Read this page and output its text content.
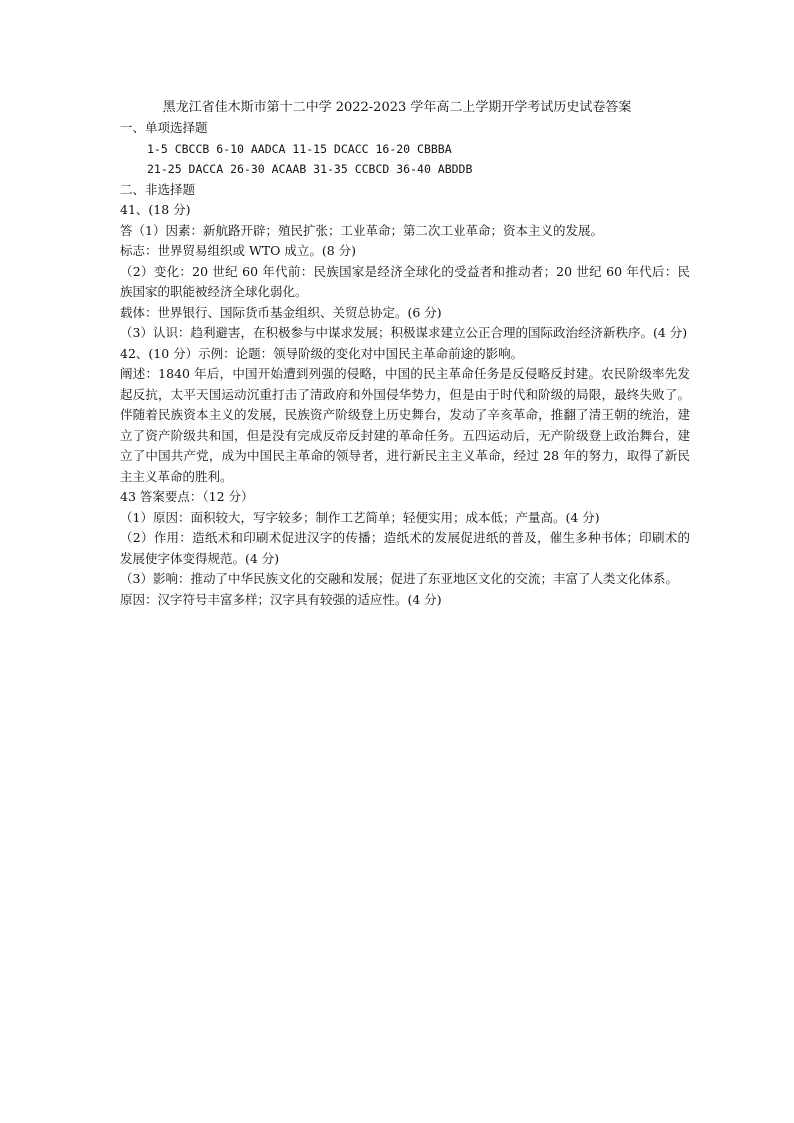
黑龙江省佳木斯市第十二中学 2022-2023 学年高二上学期开学考试历史试卷答案
一、单项选择题
1-5 CBCCB 6-10 AADCA 11-15 DCACC 16-20 CBBBA
21-25 DACCA 26-30 ACAAB 31-35 CCBCD 36-40 ABDDB
二、非选择题
41、(18 分)
答（1）因素：新航路开辟；殖民扩张；工业革命；第二次工业革命；资本主义的发展。
标志：世界贸易组织或 WTO 成立。(8 分)
（2）变化：20 世纪 60 年代前：民族国家是经济全球化的受益者和推动者；20 世纪 60 年代后：民族国家的职能被经济全球化弱化。
载体：世界银行、国际货币基金组织、关贸总协定。(6 分)
（3）认识：趋利避害，在积极参与中谋求发展；积极谋求建立公正合理的国际政治经济新秩序。(4 分)
42、(10 分）示例：论题：领导阶级的变化对中国民主革命前途的影响。
阐述：1840 年后，中国开始遭到列强的侵略，中国的民主革命任务是反侵略反封建。农民阶级率先发起反抗，太平天国运动沉重打击了清政府和外国侵华势力，但是由于时代和阶级的局限，最终失败了。伴随着民族资本主义的发展，民族资产阶级登上历史舞台，发动了辛亥革命，推翻了清王朝的统治，建立了资产阶级共和国，但是没有完成反帝反封建的革命任务。五四运动后，无产阶级登上政治舞台，建立了中国共产党，成为中国民主革命的领导者，进行新民主主义革命，经过 28 年的努力，取得了新民主主义革命的胜利。
43 答案要点：（12 分）
（1）原因：面积较大，写字较多；制作工艺简单；轻便实用；成本低；产量高。(4 分)
（2）作用：造纸术和印刷术促进汉字的传播；造纸术的发展促进纸的普及，催生多种书体；印刷术的发展使字体变得规范。(4 分)
（3）影响：推动了中华民族文化的交融和发展；促进了东亚地区文化的交流；丰富了人类文化体系。
原因：汉字符号丰富多样；汉字具有较强的适应性。(4 分)
